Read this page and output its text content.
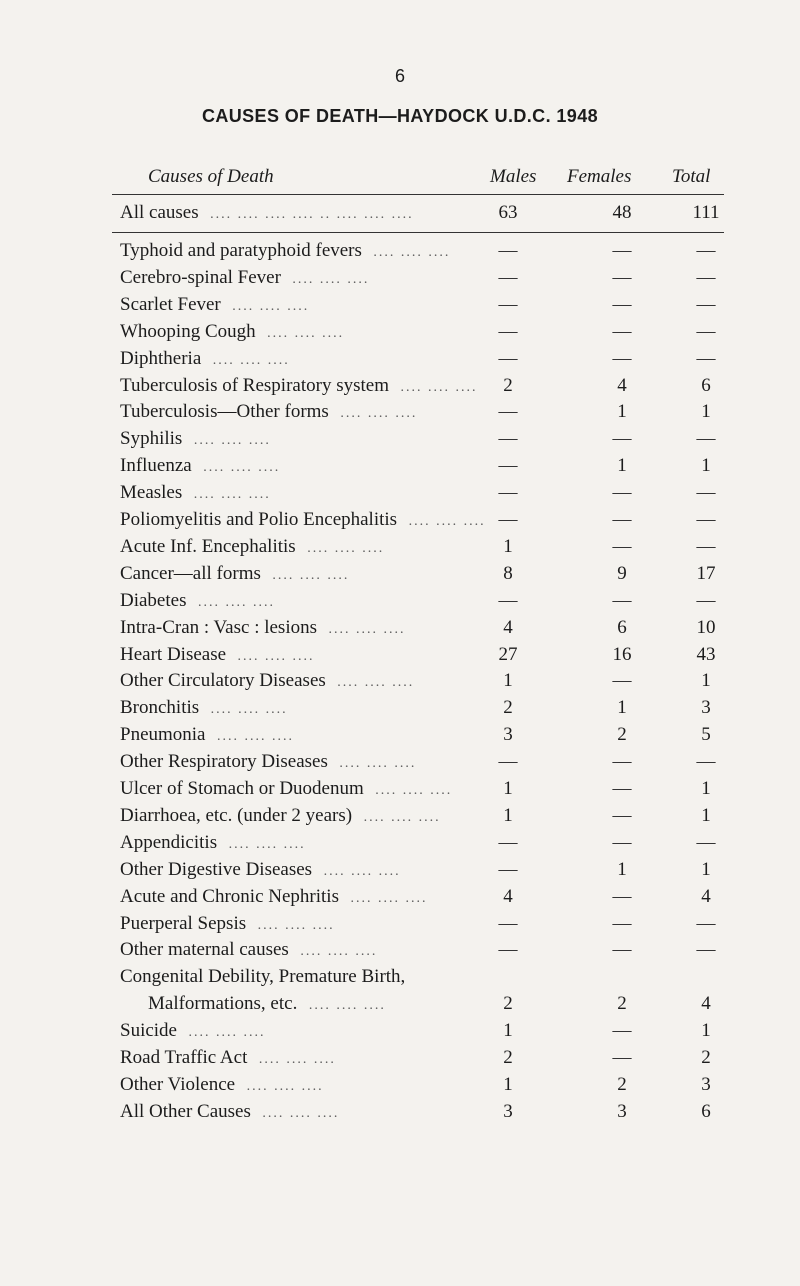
6
CAUSES OF DEATH—HAYDOCK U.D.C. 1948
Causes of Death	Males Females Total
All causes .... .... .... .... .. .... .... ....	63	48	111
Typhoid and paratyphoid fevers .... .... ....	—	—	—
Cerebro-spinal Fever .... .... ....	—	—	—
Scarlet Fever .... .... ....	—	—	—
Whooping Cough .... .... ....	—	—	—
Diphtheria .... .... ....	—	—	—
Tuberculosis of Respiratory system .... .... ....	2	4	6
Tuberculosis—Other forms .... .... ....	—	1	1
Syphilis .... .... ....	—	—	—
Influenza .... .... ....	—	1	1
Measles .... .... ....	—	—	—
Poliomyelitis and Polio Encephalitis .... .... .... —	—	—
Acute Inf. Encephalitis .... .... ....	1	—	—
Cancer—all forms .... .... ....	8	9	17
Diabetes .... .... ....	—	—	—
Intra-Cran : Vasc : lesions .... .... ....	4	6	10
Heart Disease .... .... ....	27	16	43
Other Circulatory Diseases .... .... ....	1	—	1
Bronchitis .... .... ....	2	1	3
Pneumonia .... .... ....	3	2	5
Other Respiratory Diseases .... .... ....	—	—	—
Ulcer of Stomach or Duodenum .... .... ....	1	—	1
Diarrhoea, etc. (under 2 years) .... .... ....	1	—	1
Appendicitis .... .... ....	—	—	—
Other Digestive Diseases .... .... ....	—	1	1
Acute and Chronic Nephritis .... .... ....	4	—	4
Puerperal Sepsis .... .... ....	—	—	—
Other maternal causes .... .... ....	—	—	—
Congenital Debility, Premature Birth,
Malformations, etc. .... .... ....	2	2	4
Suicide .... .... ....	1	—	1
Road Traffic Act .... .... ....	2	—	2
Other Violence .... .... ....	1	2	3
All Other Causes .... .... ....	3	3	6
